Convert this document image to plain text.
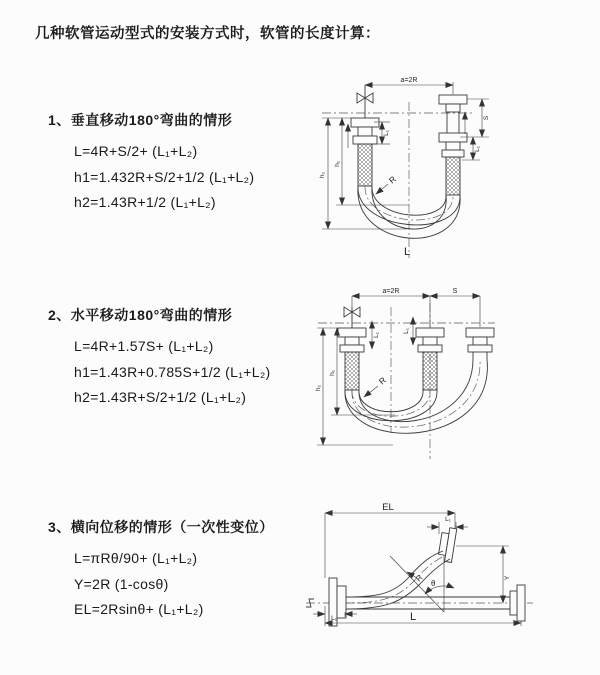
几种软管运动型式的安装方式时，软管的长度计算：
1、垂直移动180°弯曲的情形
L=4R+S/2+ (L₁+L₂)
h1=1.432R+S/2+1/2 (L₁+L₂)
h2=1.43R+1/2 (L₁+L₂)
2、水平移动180°弯曲的情形
L=4R+1.57S+ (L₁+L₂)
h1=1.43R+0.785S+1/2 (L₁+L₂)
h2=1.43R+S/2+1/2 (L₁+L₂)
3、横向位移的情形（一次性变位）
L=πRθ/90+ (L₁+L₂)
Y=2R (1-cosθ)
EL=2Rsinθ+ (L₁+L₂)
a=2R
S
L₁
L₁
h₁
h₂	R
L
a=2R	S
L₁
L₁
h₁
h₂
R
EL
L₁
Y
θ
R
L₁	L
